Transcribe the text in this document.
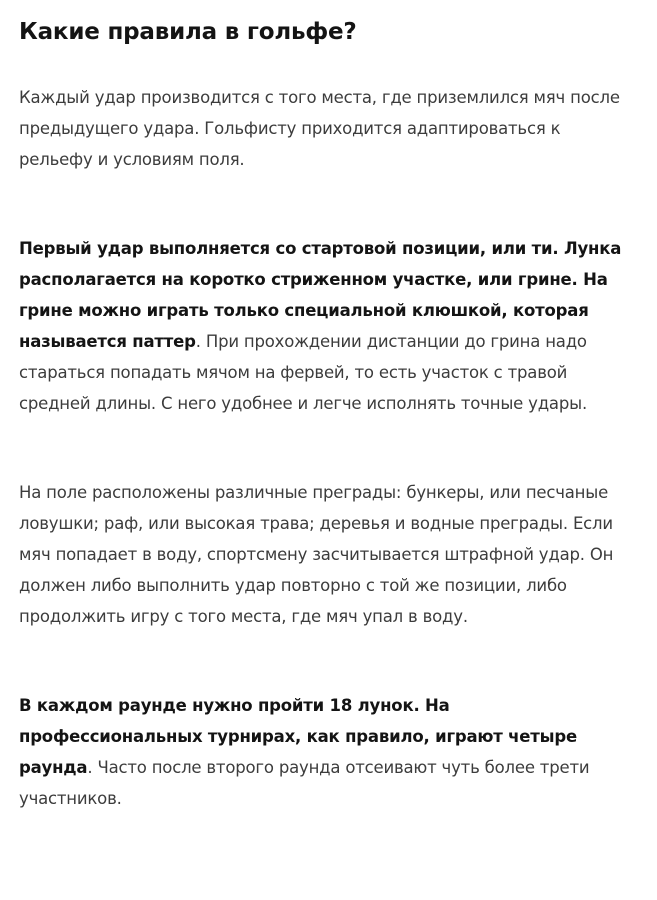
Какие правила в гольфе?

Каждый удар производится с того места, где приземлился мяч после предыдущего удара. Гольфисту приходится адаптироваться к рельефу и условиям поля.

Первый удар выполняется со стартовой позиции, или ти. Лунка располагается на коротко стриженном участке, или грине. На грине можно играть только специальной клюшкой, которая называется паттер. При прохождении дистанции до грина надо стараться попадать мячом на фервей, то есть участок с травой средней длины. С него удобнее и легче исполнять точные удары.

На поле расположены различные преграды: бункеры, или песчаные ловушки; раф, или высокая трава; деревья и водные преграды. Если мяч попадает в воду, спортсмену засчитывается штрафной удар. Он должен либо выполнить удар повторно с той же позиции, либо продолжить игру с того места, где мяч упал в воду.

В каждом раунде нужно пройти 18 лунок. На профессиональных турнирах, как правило, играют четыре раунда. Часто после второго раунда отсеивают чуть более трети участников.
